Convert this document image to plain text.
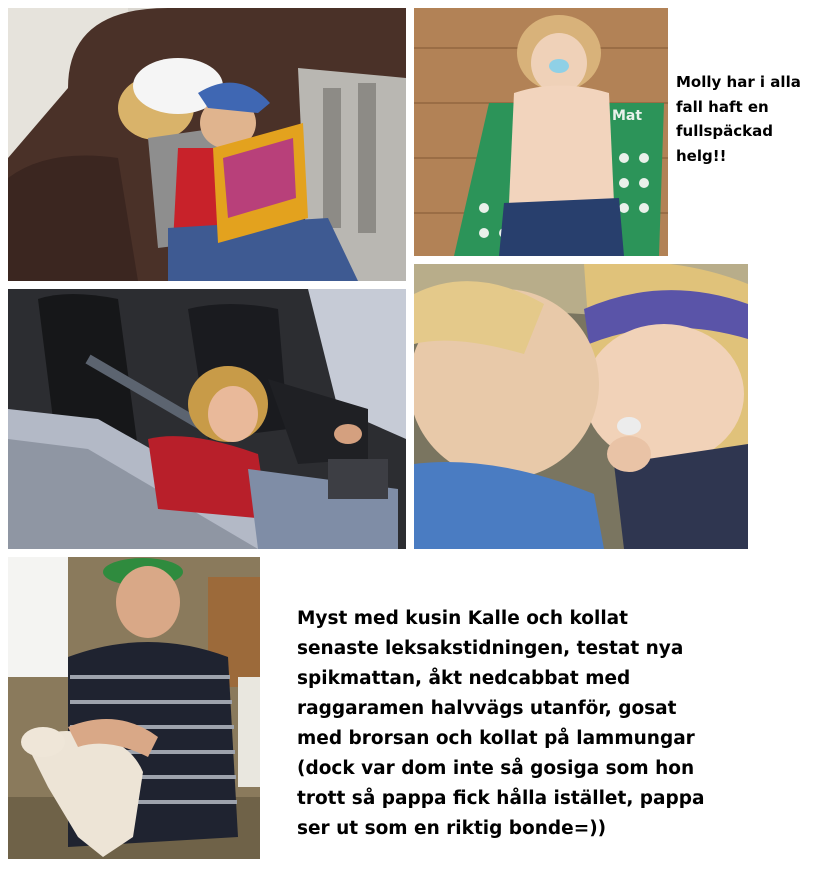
Mat
Molly har i alla
fall haft en
fullspäckad
helg!!
Myst med kusin Kalle och kollat
senaste leksakstidningen, testat nya
spikmattan, åkt nedcabbat med
raggaramen halvvägs utanför, gosat
med brorsan och kollat på lammungar
(dock var dom inte så gosiga som hon
trott så pappa fick hålla istället, pappa
ser ut som en riktig bonde=))
